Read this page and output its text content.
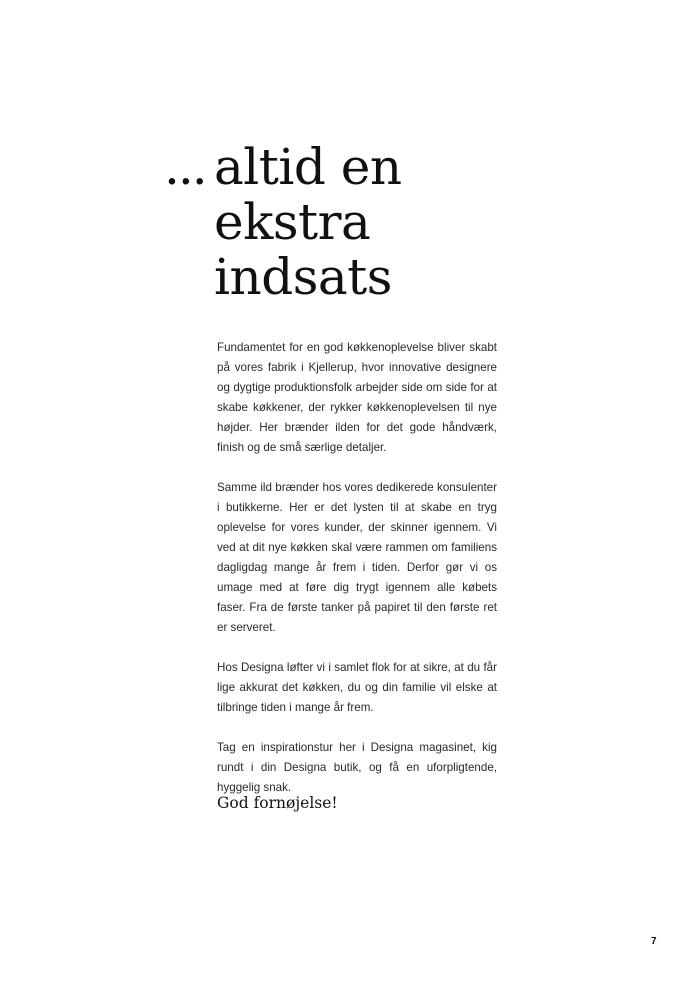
... altid en
ekstra
indsats

Fundamentet for en god køkkenoplevelse bliver skabt på vores fabrik i Kjellerup, hvor innovative designere og dygtige produktionsfolk arbejder side om side for at skabe køkkener, der rykker køkkenoplevelsen til nye højder. Her brænder ilden for det gode håndværk, finish og de små særlige detaljer.

Samme ild brænder hos vores dedikerede konsulenter i butikkerne. Her er det lysten til at skabe en tryg oplevelse for vores kunder, der skinner igennem. Vi ved at dit nye køkken skal være rammen om familiens dagligdag mange år frem i tiden. Derfor gør vi os umage med at føre dig trygt igennem alle købets faser. Fra de første tanker på papiret til den første ret er serveret.

Hos Designa løfter vi i samlet flok for at sikre, at du får lige akkurat det køkken, du og din familie vil elske at tilbringe tiden i mange år frem.

Tag en inspirationstur her i Designa magasinet, kig rundt i din Designa butik, og få en uforpligtende, hyggelig snak.

God fornøjelse!
7
